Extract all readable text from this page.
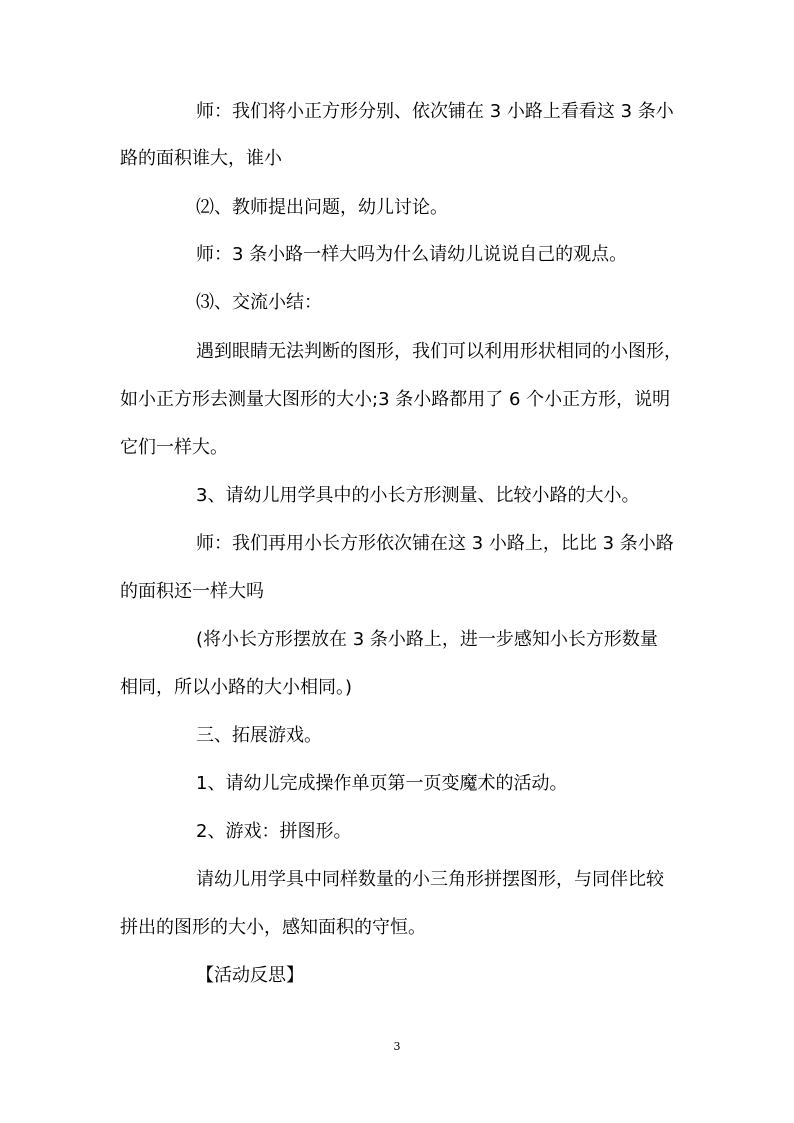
师：我们将小正方形分别、依次铺在 3 小路上看看这 3 条小
路的面积谁大，谁小
⑵、教师提出问题，幼儿讨论。
师：3 条小路一样大吗为什么请幼儿说说自己的观点。
⑶、交流小结：
遇到眼睛无法判断的图形，我们可以利用形状相同的小图形，
如小正方形去测量大图形的大小;3 条小路都用了 6 个小正方形，说明
它们一样大。
3、请幼儿用学具中的小长方形测量、比较小路的大小。
师：我们再用小长方形依次铺在这 3 小路上，比比 3 条小路
的面积还一样大吗
(将小长方形摆放在 3 条小路上，进一步感知小长方形数量
相同，所以小路的大小相同。)
三、拓展游戏。
1、请幼儿完成操作单页第一页变魔术的活动。
2、游戏：拼图形。
请幼儿用学具中同样数量的小三角形拼摆图形，与同伴比较
拼出的图形的大小，感知面积的守恒。
【活动反思】
3
